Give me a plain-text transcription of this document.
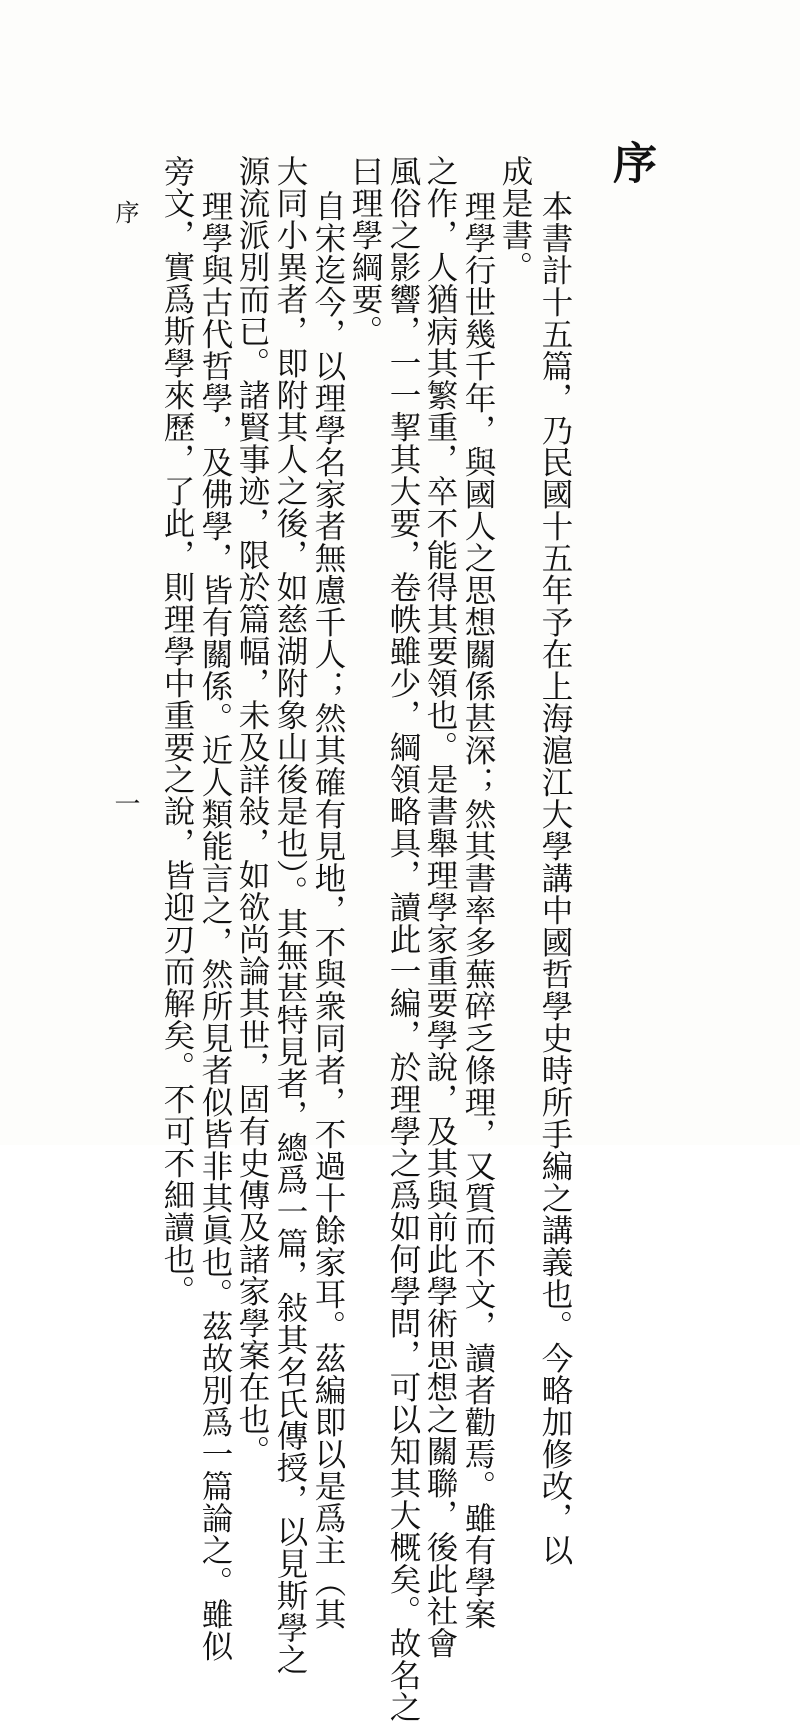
序
本書計十五篇，乃民國十五年予在上海滬江大學講中國哲學史時所手編之講義也。今略加修改，以
成是書。
理學行世幾千年，與國人之思想關係甚深；然其書率多蕪碎乏條理，又質而不文，讀者勸焉。雖有學案
之作，人猶病其繁重，卒不能得其要領也。是書舉理學家重要學說，及其與前此學術思想之關聯，後此社會
風俗之影響，一一挈其大要，卷帙雖少，綱領略具，讀此一編，於理學之爲如何學問，可以知其大概矣。故名之
曰理學綱要。
自宋迄今，以理學名家者無慮千人；然其確有見地，不與衆同者，不過十餘家耳。茲編即以是爲主（其
大同小異者，即附其人之後，如慈湖附象山後是也）。其無甚特見者，總爲一篇，敍其名氏傳授，以見斯學之
源流派別而已。諸賢事迹，限於篇幅，未及詳敍，如欲尚論其世，固有史傳及諸家學案在也。
理學與古代哲學，及佛學，皆有關係。近人類能言之，然所見者似皆非其眞也。茲故別爲一篇論之。雖似
旁文，實爲斯學來歷，了此，則理學中重要之說，皆迎刃而解矣。不可不細讀也。
序
一
